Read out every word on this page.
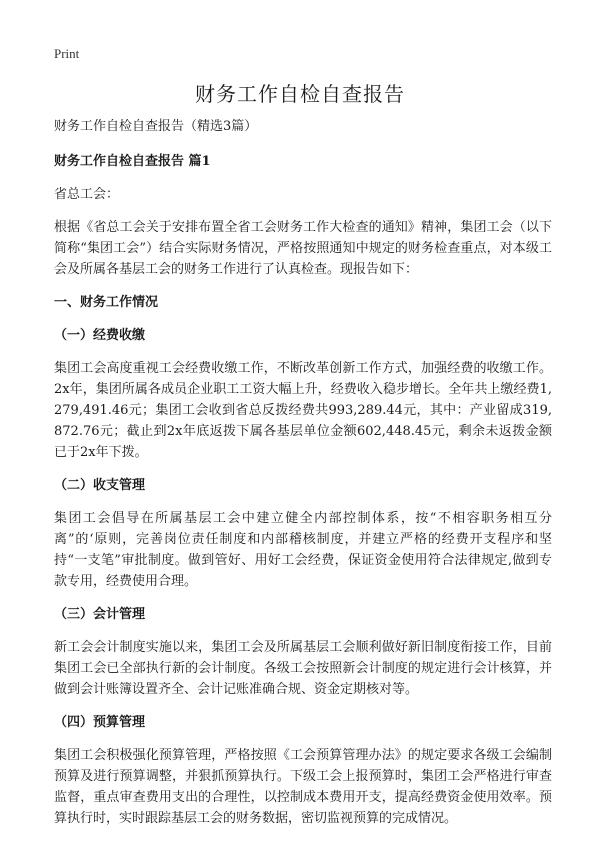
Print
财务工作自检自查报告

财务工作自检自查报告（精选3篇）

财务工作自检自查报告 篇1

省总工会：

根据《省总工会关于安排布置全省工会财务工作大检查的通知》精神，集团工会（以下简称“集团工会”）结合实际财务情况，严格按照通知中规定的财务检查重点，对本级工会及所属各基层工会的财务工作进行了认真检查。现报告如下：

一、财务工作情况

（一）经费收缴

集团工会高度重视工会经费收缴工作，不断改革创新工作方式，加强经费的收缴工作。2x年，集团所属各成员企业职工工资大幅上升，经费收入稳步增长。全年共上缴经费1,279,491.46元；集团工会收到省总反拨经费共993,289.44元，其中：产业留成319,872.76元；截止到2x年底返拨下属各基层单位金额602,448.45元，剩余未返拨金额已于2x年下拨。

（二）收支管理

集团工会倡导在所属基层工会中建立健全内部控制体系，按“不相容职务相互分离”的‘原则，完善岗位责任制度和内部稽核制度，并建立严格的经费开支程序和坚持“一支笔”审批制度。做到管好、用好工会经费，保证资金使用符合法律规定,做到专款专用，经费使用合理。

（三）会计管理

新工会会计制度实施以来，集团工会及所属基层工会顺利做好新旧制度衔接工作，目前集团工会已全部执行新的会计制度。各级工会按照新会计制度的规定进行会计核算，并做到会计账簿设置齐全、会计记账准确合规、资金定期核对等。

（四）预算管理

集团工会积极强化预算管理，严格按照《工会预算管理办法》的规定要求各级工会编制预算及进行预算调整，并狠抓预算执行。下级工会上报预算时，集团工会严格进行审查监督，重点审查费用支出的合理性，以控制成本费用开支，提高经费资金使用效率。预算执行时，实时跟踪基层工会的财务数据，密切监视预算的完成情况。
